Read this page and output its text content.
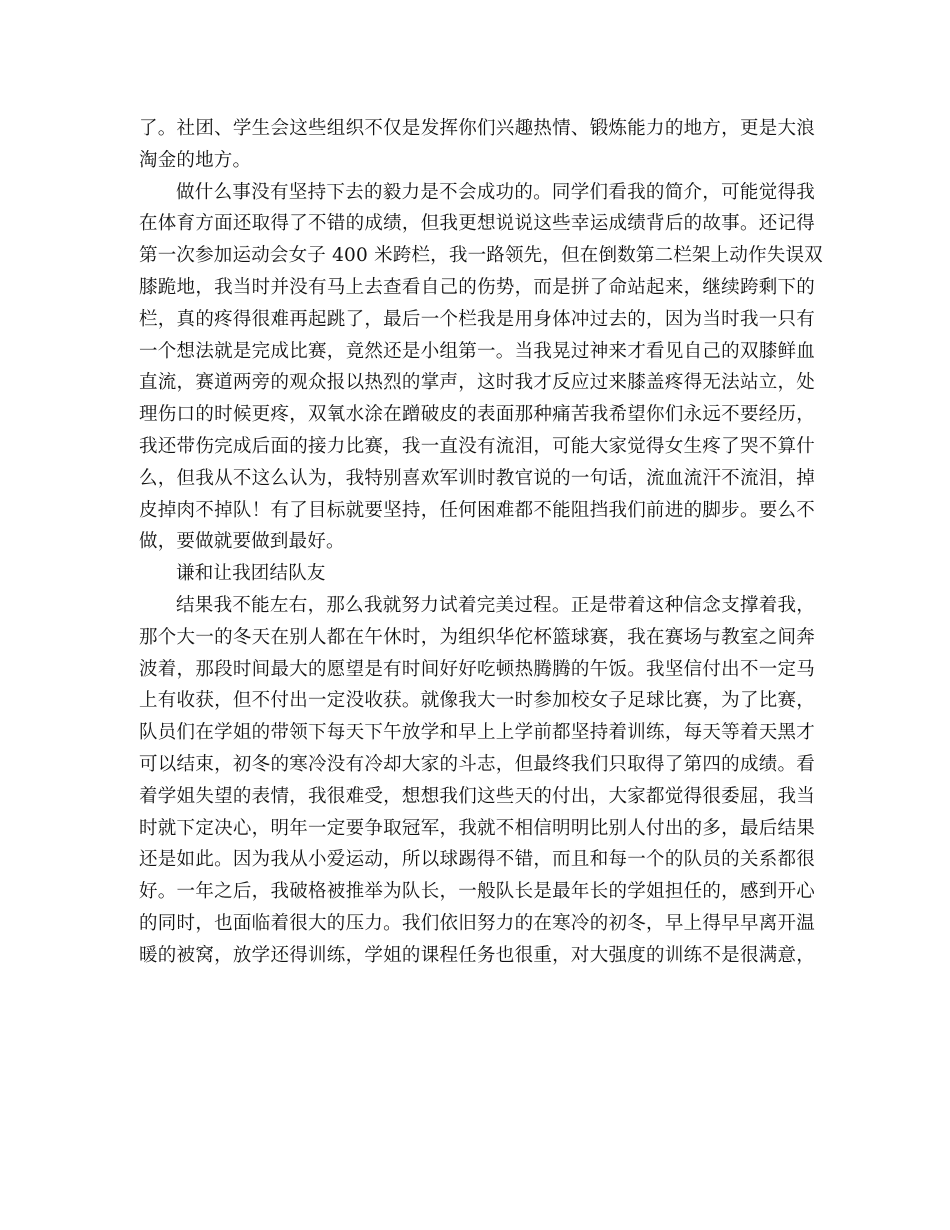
了。社团、学生会这些组织不仅是发挥你们兴趣热情、锻炼能力的地方，更是大浪
淘金的地方。
做什么事没有坚持下去的毅力是不会成功的。同学们看我的简介，可能觉得我
在体育方面还取得了不错的成绩，但我更想说说这些幸运成绩背后的故事。还记得
第一次参加运动会女子 400 米跨栏，我一路领先，但在倒数第二栏架上动作失误双
膝跪地，我当时并没有马上去查看自己的伤势，而是拼了命站起来，继续跨剩下的
栏，真的疼得很难再起跳了，最后一个栏我是用身体冲过去的，因为当时我一只有
一个想法就是完成比赛，竟然还是小组第一。当我晃过神来才看见自己的双膝鲜血
直流，赛道两旁的观众报以热烈的掌声，这时我才反应过来膝盖疼得无法站立，处
理伤口的时候更疼，双氧水涂在蹭破皮的表面那种痛苦我希望你们永远不要经历，
我还带伤完成后面的接力比赛，我一直没有流泪，可能大家觉得女生疼了哭不算什
么，但我从不这么认为，我特别喜欢军训时教官说的一句话，流血流汗不流泪，掉
皮掉肉不掉队！有了目标就要坚持，任何困难都不能阻挡我们前进的脚步。要么不
做，要做就要做到最好。
谦和让我团结队友
结果我不能左右，那么我就努力试着完美过程。正是带着这种信念支撑着我，
那个大一的冬天在别人都在午休时，为组织华佗杯篮球赛，我在赛场与教室之间奔
波着，那段时间最大的愿望是有时间好好吃顿热腾腾的午饭。我坚信付出不一定马
上有收获，但不付出一定没收获。就像我大一时参加校女子足球比赛，为了比赛，
队员们在学姐的带领下每天下午放学和早上上学前都坚持着训练，每天等着天黑才
可以结束，初冬的寒冷没有冷却大家的斗志，但最终我们只取得了第四的成绩。看
着学姐失望的表情，我很难受，想想我们这些天的付出，大家都觉得很委屈，我当
时就下定决心，明年一定要争取冠军，我就不相信明明比别人付出的多，最后结果
还是如此。因为我从小爱运动，所以球踢得不错，而且和每一个的队员的关系都很
好。一年之后，我破格被推举为队长，一般队长是最年长的学姐担任的，感到开心
的同时，也面临着很大的压力。我们依旧努力的在寒冷的初冬，早上得早早离开温
暖的被窝，放学还得训练，学姐的课程任务也很重，对大强度的训练不是很满意，
